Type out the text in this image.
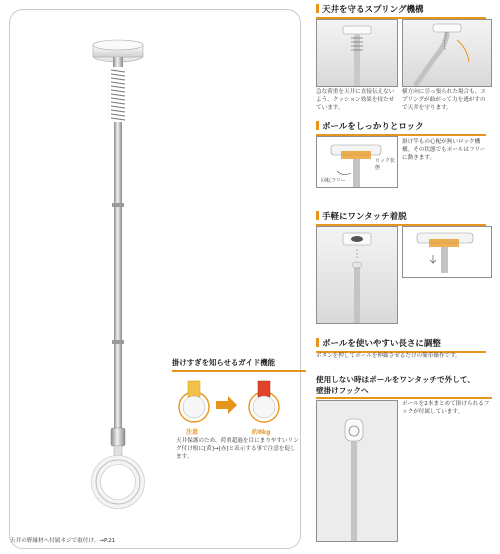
掛けすぎを知らせるガイド機能
注意	約8kg
天井保護のため、荷重超過を目にまりやすいリング付け根に[黄]→[赤]と表示する事で注意を促します。
天井の野縁材へ付属ネジで取付け。→P.21
天井を守るスプリング機構
急な荷重を天井に直接伝えないよう、クッション効果を持たせています。
横方向に引っ張られた場合も、スプリングが曲がって力を逃がすので天井を守ります。
ポールをしっかりとロック
ロック状態
回転フリー
掛け竿もの心配が無いロック機構。その状態でもポールはフリーに動きます。
手軽にワンタッチ着脱
ポールを使いやすい長さに調整
ボタンを押してポールを伸縮させるだけの簡単操作です。
使用しない時はポールをワンタッチで外して、
壁掛けフックへ
ポールを2本まとめて掛けられるフックが付属しています。
